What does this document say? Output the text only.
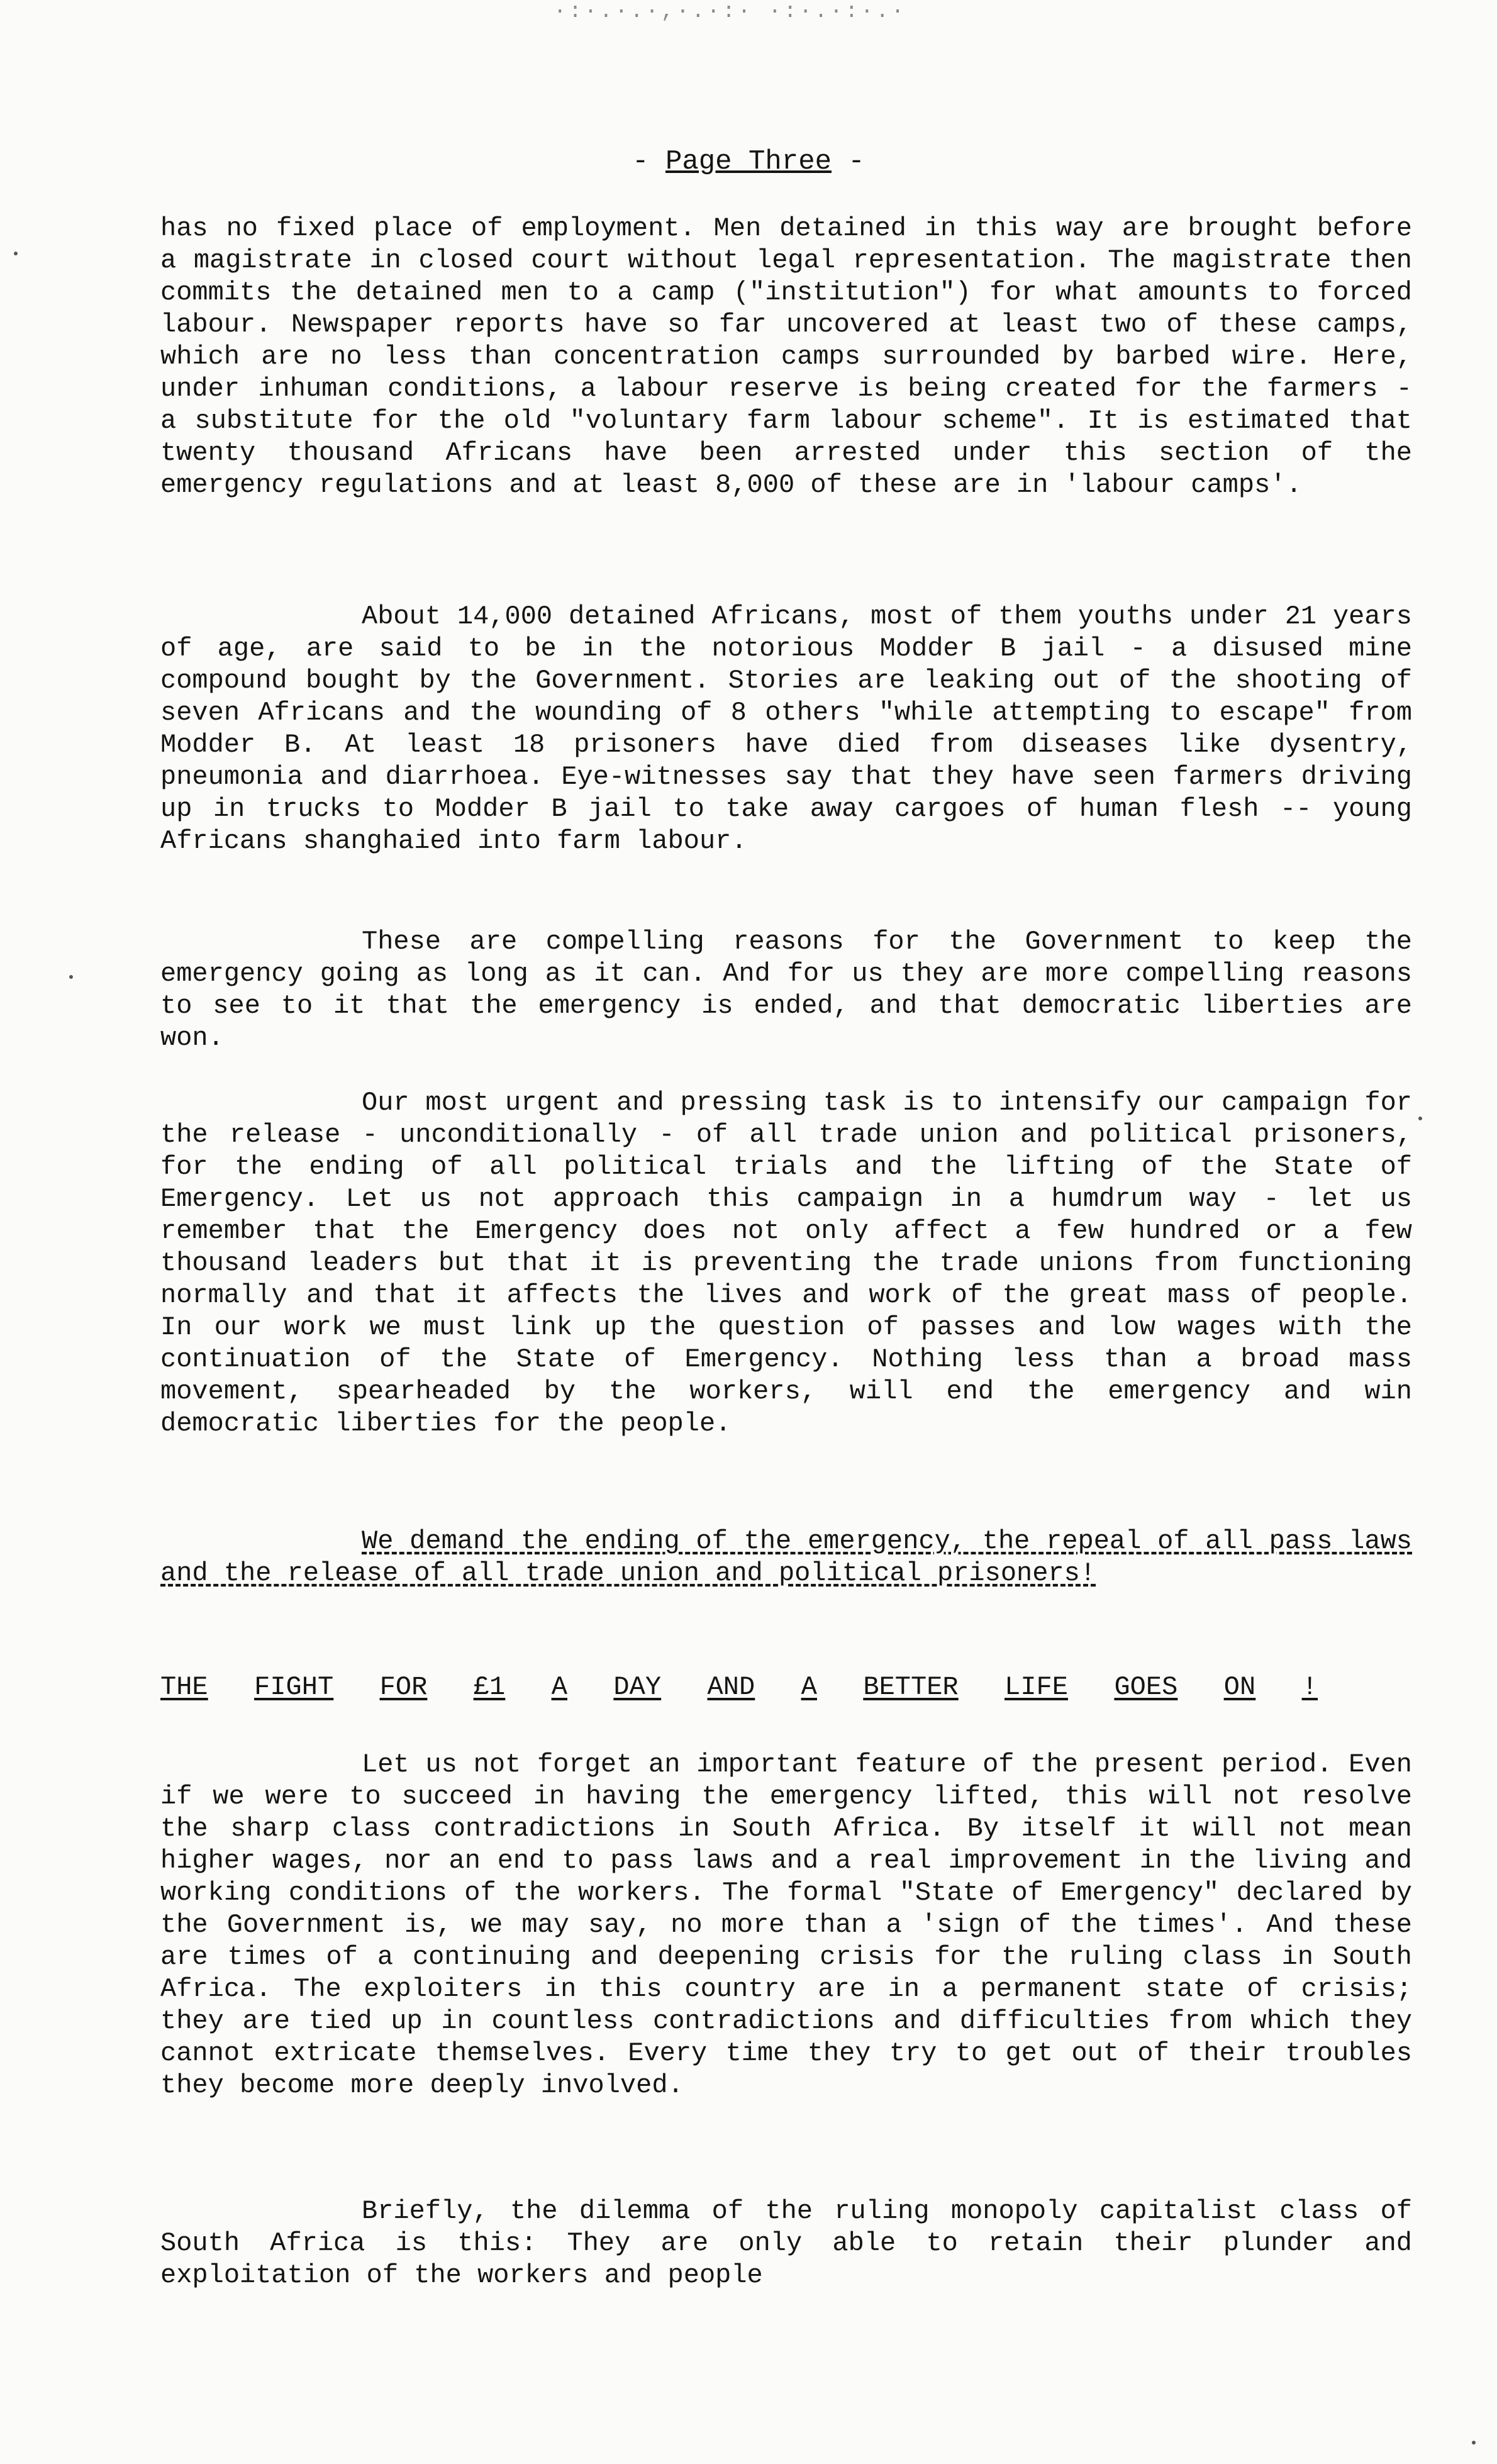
·:·.·.·,·.·:· ·:·.·:·.·
- Page Three -

has no fixed place of employment. Men detained in this way are brought before a magistrate in closed court without legal representation. The magistrate then commits the detained men to a camp ("institution") for what amounts to forced labour. Newspaper reports have so far uncovered at least two of these camps, which are no less than concentration camps surrounded by barbed wire. Here, under inhuman conditions, a labour reserve is being created for the farmers - a substitute for the old "voluntary farm labour scheme". It is estimated that twenty thousand Africans have been arrested under this section of the emergency regulations and at least 8,000 of these are in 'labour camps'.

About 14,000 detained Africans, most of them youths under 21 years of age, are said to be in the notorious Modder B jail - a disused mine compound bought by the Government. Stories are leaking out of the shooting of seven Africans and the wounding of 8 others "while attempting to escape" from Modder B. At least 18 prisoners have died from diseases like dysentry, pneumonia and diarrhoea. Eye-witnesses say that they have seen farmers driving up in trucks to Modder B jail to take away cargoes of human flesh -- young Africans shanghaied into farm labour.

These are compelling reasons for the Government to keep the emergency going as long as it can. And for us they are more compelling reasons to see to it that the emergency is ended, and that democratic liberties are won.

Our most urgent and pressing task is to intensify our campaign for the release - unconditionally - of all trade union and political prisoners, for the ending of all political trials and the lifting of the State of Emergency. Let us not approach this campaign in a humdrum way - let us remember that the Emergency does not only affect a few hundred or a few thousand leaders but that it is preventing the trade unions from functioning normally and that it affects the lives and work of the great mass of people. In our work we must link up the question of passes and low wages with the continuation of the State of Emergency. Nothing less than a broad mass movement, spearheaded by the workers, will end the emergency and win democratic liberties for the people.

We demand the ending of the emergency, the repeal of all pass laws and the release of all trade union and political prisoners!

THE FIGHT FOR £1 A DAY AND A BETTER LIFE GOES ON !

Let us not forget an important feature of the present period. Even if we were to succeed in having the emergency lifted, this will not resolve the sharp class contradictions in South Africa. By itself it will not mean higher wages, nor an end to pass laws and a real improvement in the living and working conditions of the workers. The formal "State of Emergency" declared by the Government is, we may say, no more than a 'sign of the times'. And these are times of a continuing and deepening crisis for the ruling class in South Africa. The exploiters in this country are in a permanent state of crisis; they are tied up in countless contradictions and difficulties from which they cannot extricate themselves. Every time they try to get out of their troubles they become more deeply involved.

Briefly, the dilemma of the ruling monopoly capitalist class of South Africa is this: They are only able to retain their plunder and exploitation of the workers and people
